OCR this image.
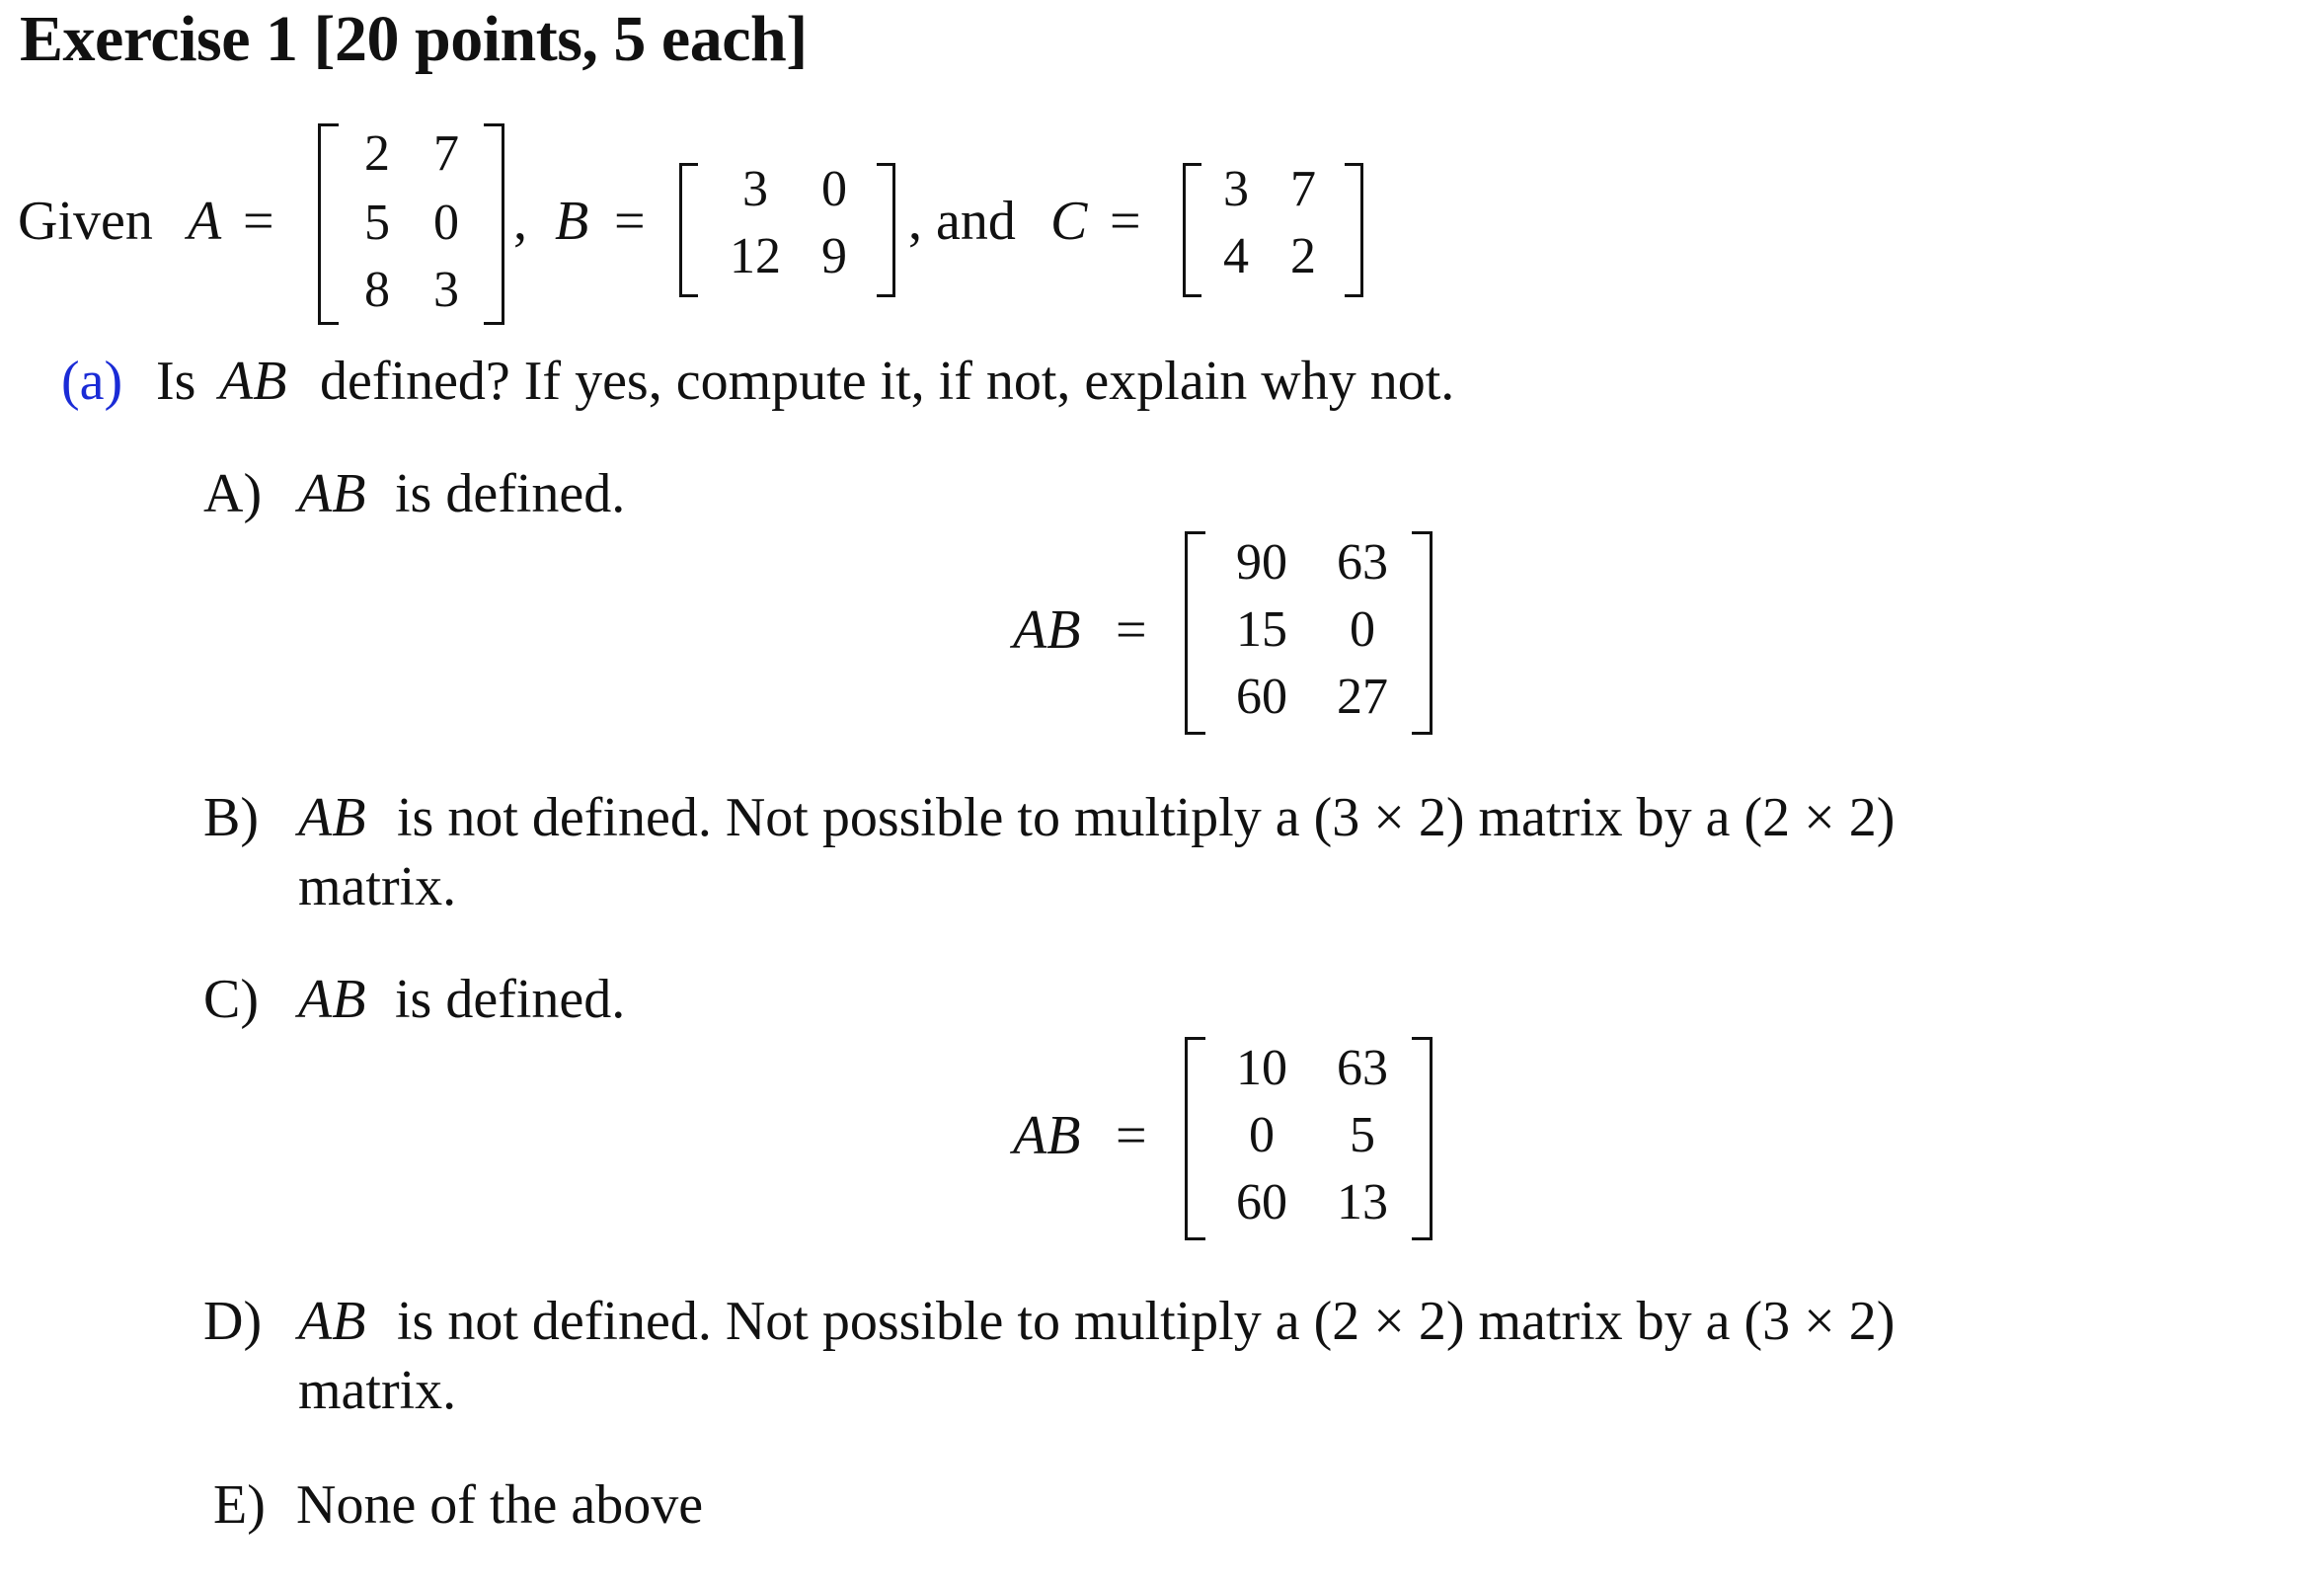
Exercise 1 [20 points, 5 each]
Given A =
2 7
5 0
8 3
, B =
3	0
12 9
, and C =
3 7
4 2
(a) Is AB defined? If yes, compute it, if not, explain why not.
A) AB is defined.
AB =
90 63
15	0
60 27
B) AB is not defined. Not possible to multiply a (3 × 2) matrix by a (2 × 2)
matrix.
C) AB is defined.
AB =
10 63
0	5
60 13
D) AB is not defined. Not possible to multiply a (2 × 2) matrix by a (3 × 2)
matrix.
E) None of the above
